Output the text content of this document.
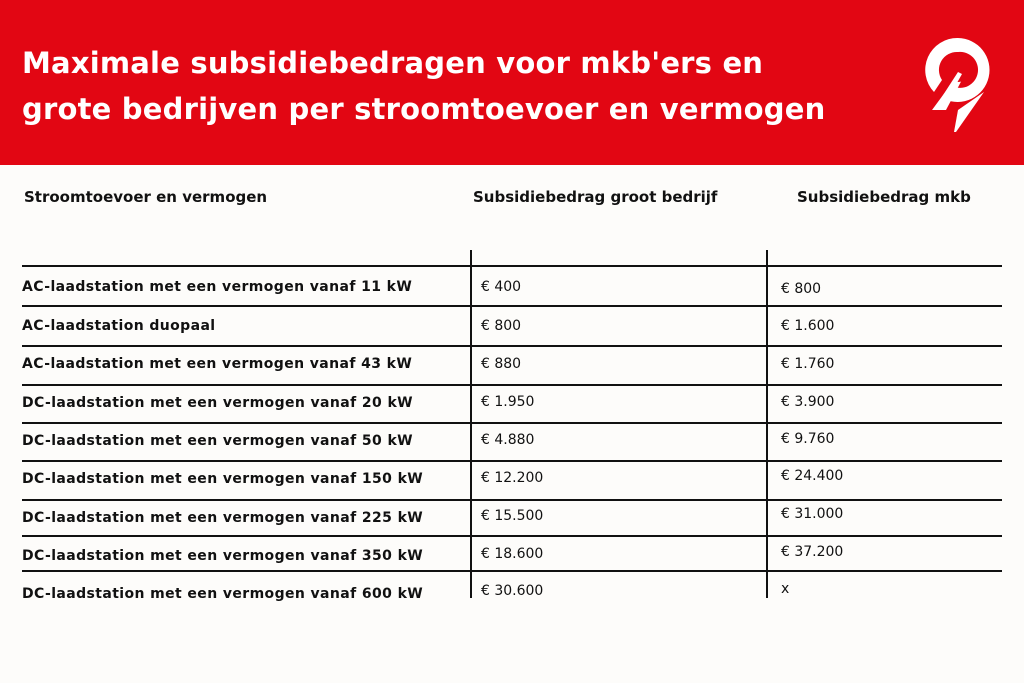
Maximale subsidiebedragen voor mkb'ers en
grote bedrijven per stroomtoevoer en vermogen
Stroomtoevoer en vermogen	Subsidiebedrag groot bedrijf	Subsidiebedrag mkb
AC-laadstation met een vermogen vanaf 11 kW	€ 400	€ 800
AC-laadstation duopaal	€ 800	€ 1.600
AC-laadstation met een vermogen vanaf 43 kW	€ 880	€ 1.760
DC-laadstation met een vermogen vanaf 20 kW	€ 1.950	€ 3.900
DC-laadstation met een vermogen vanaf 50 kW	€ 4.880	€ 9.760
DC-laadstation met een vermogen vanaf 150 kW	€ 12.200	€ 24.400
DC-laadstation met een vermogen vanaf 225 kW	€ 15.500	€ 31.000
DC-laadstation met een vermogen vanaf 350 kW	€ 18.600	€ 37.200
DC-laadstation met een vermogen vanaf 600 kW	€ 30.600	x
